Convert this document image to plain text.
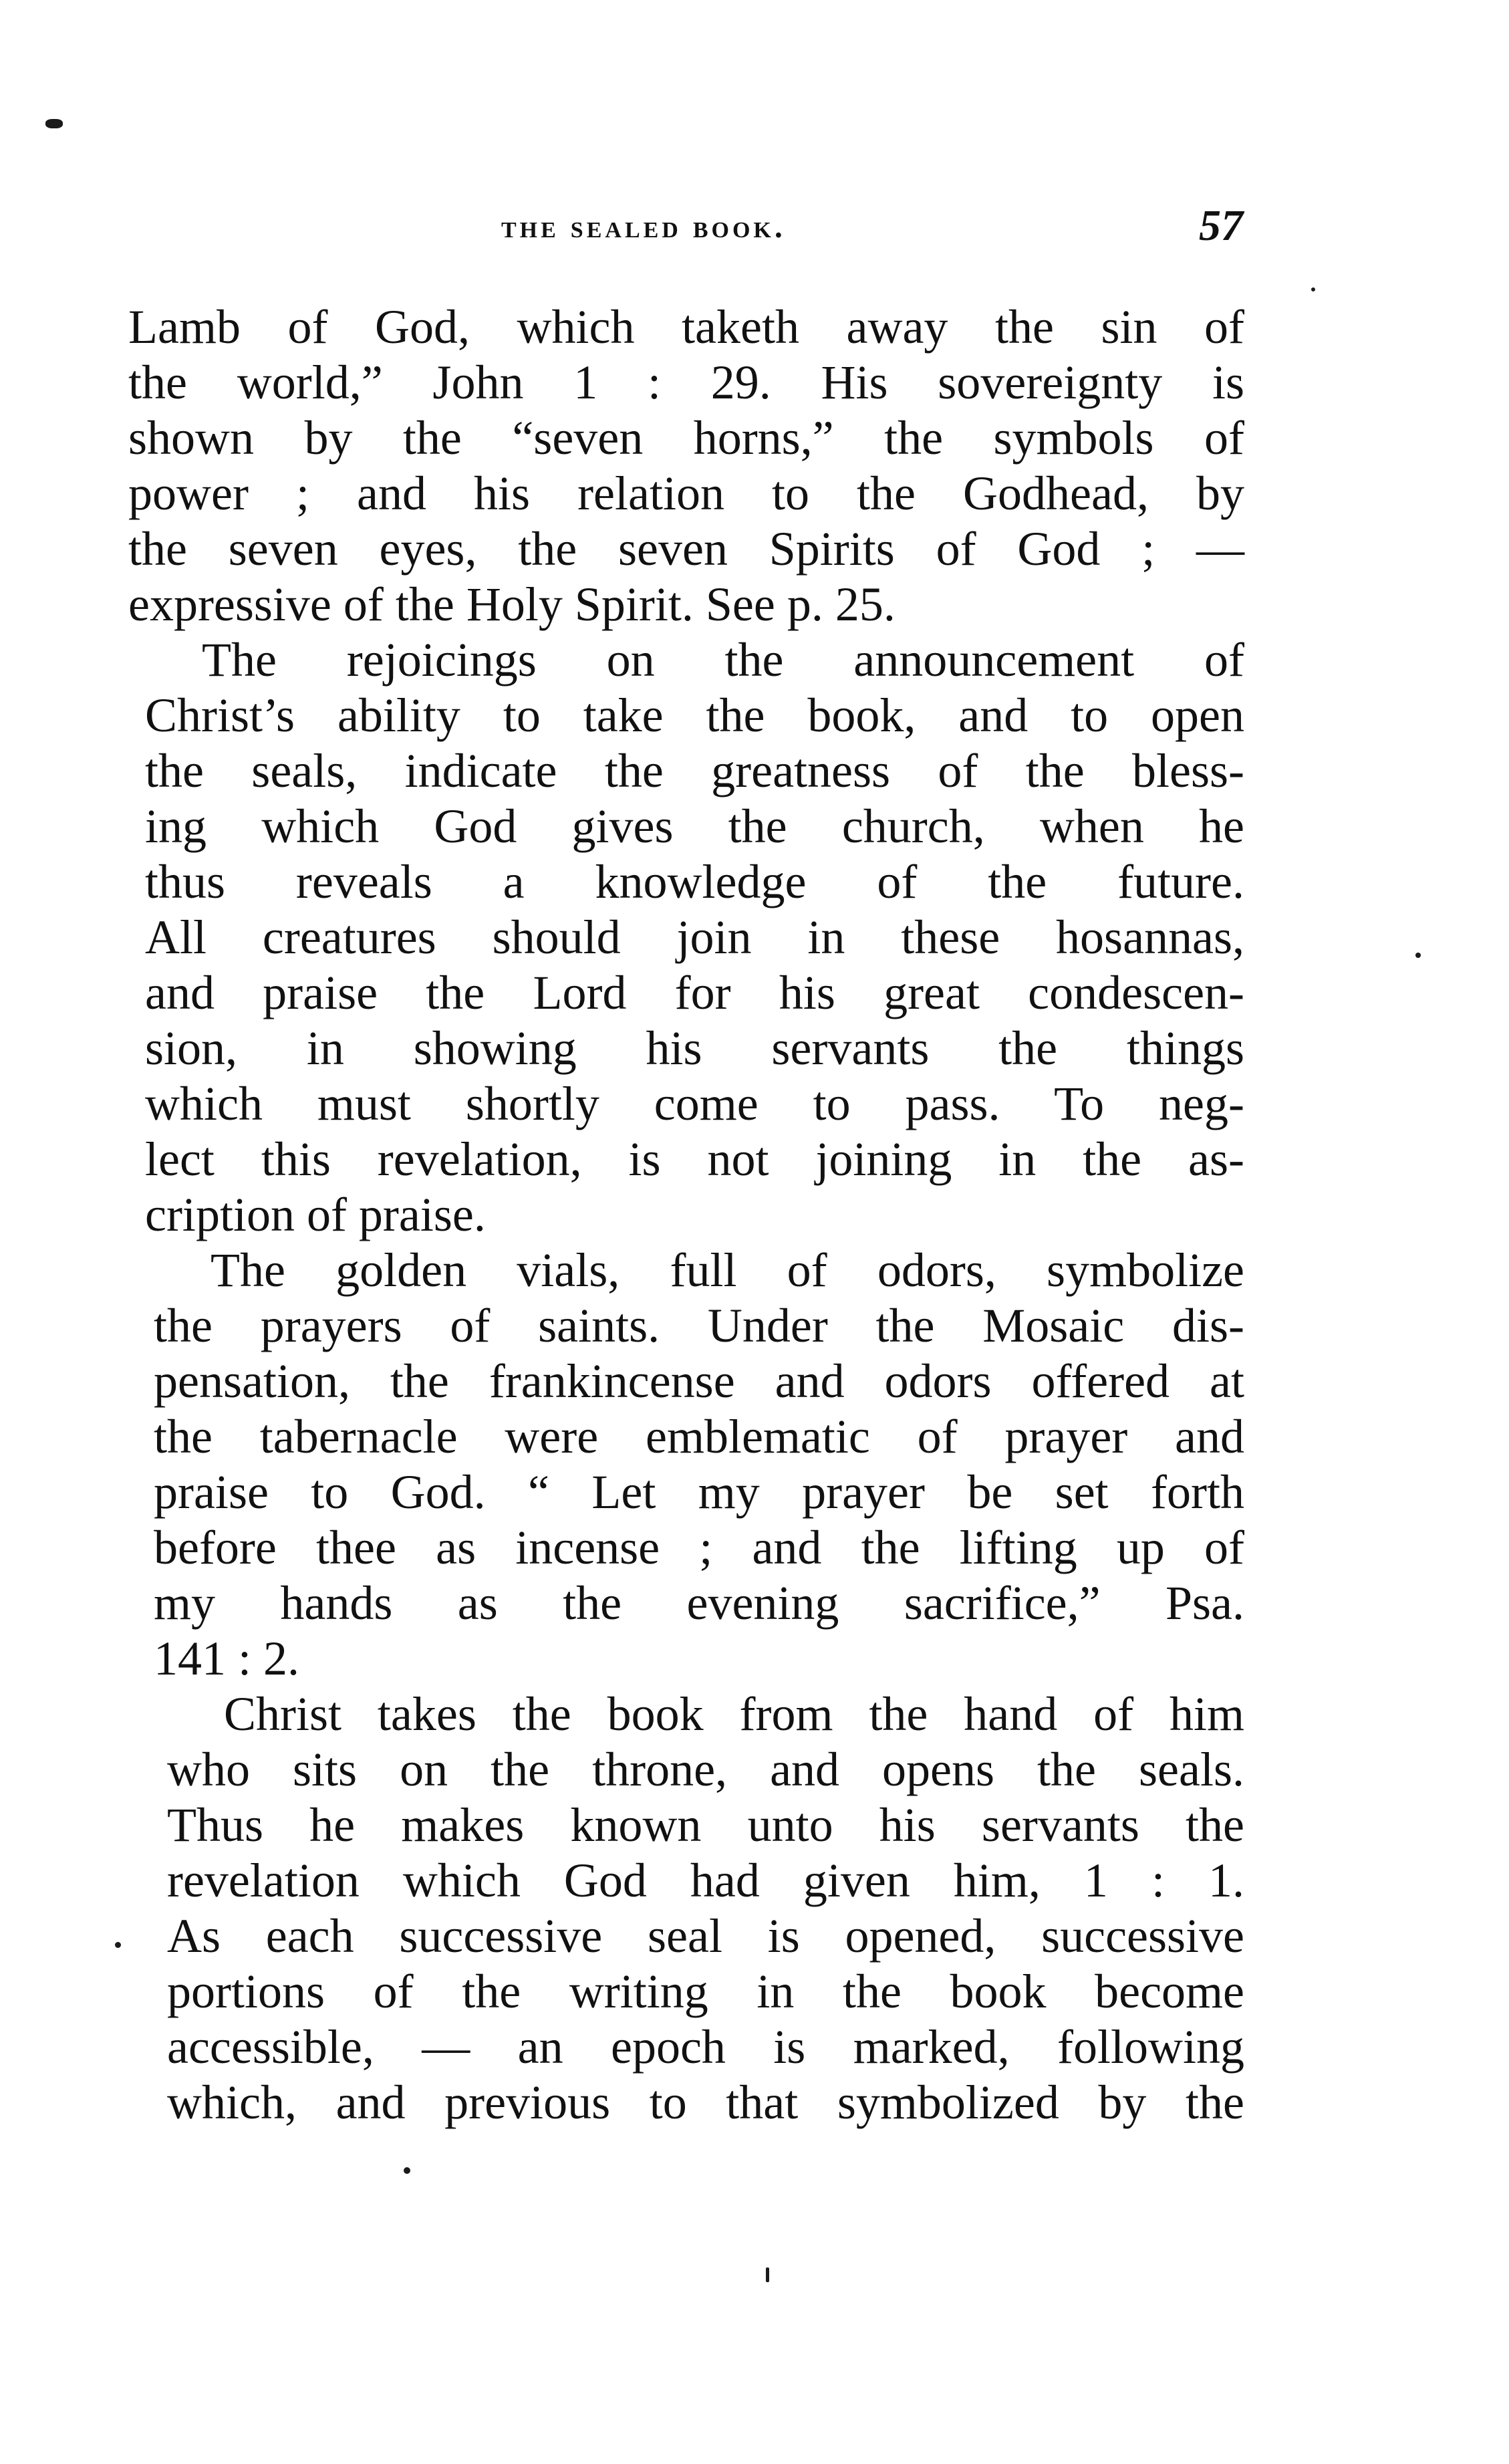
the sealed book.	57
Lamb of God, which taketh away the sin of
the world,” John 1 : 29. His sovereignty is
shown by the “seven horns,” the symbols of
power ; and his relation to the Godhead, by
the seven eyes, the seven Spirits of God ; —
expressive of the Holy Spirit. See p. 25.
The rejoicings on the announcement of
Christ’s ability to take the book, and to open
the seals, indicate the greatness of the bless-
ing which God gives the church, when he
thus reveals a knowledge of the future.
All creatures should join in these hosannas,
and praise the Lord for his great condescen-
sion, in showing his servants the things
which must shortly come to pass. To neg-
lect this revelation, is not joining in the as-
cription of praise.
The golden vials, full of odors, symbolize
the prayers of saints. Under the Mosaic dis-
pensation, the frankincense and odors offered at
the tabernacle were emblematic of prayer and
praise to God. “ Let my prayer be set forth
before thee as incense ; and the lifting up of
my hands as the evening sacrifice,” Psa.
141 : 2.
Christ takes the book from the hand of him
who sits on the throne, and opens the seals.
Thus he makes known unto his servants the
revelation which God had given him, 1 : 1.
As each successive seal is opened, successive
portions of the writing in the book become
accessible, — an epoch is marked, following
which, and previous to that symbolized by the
